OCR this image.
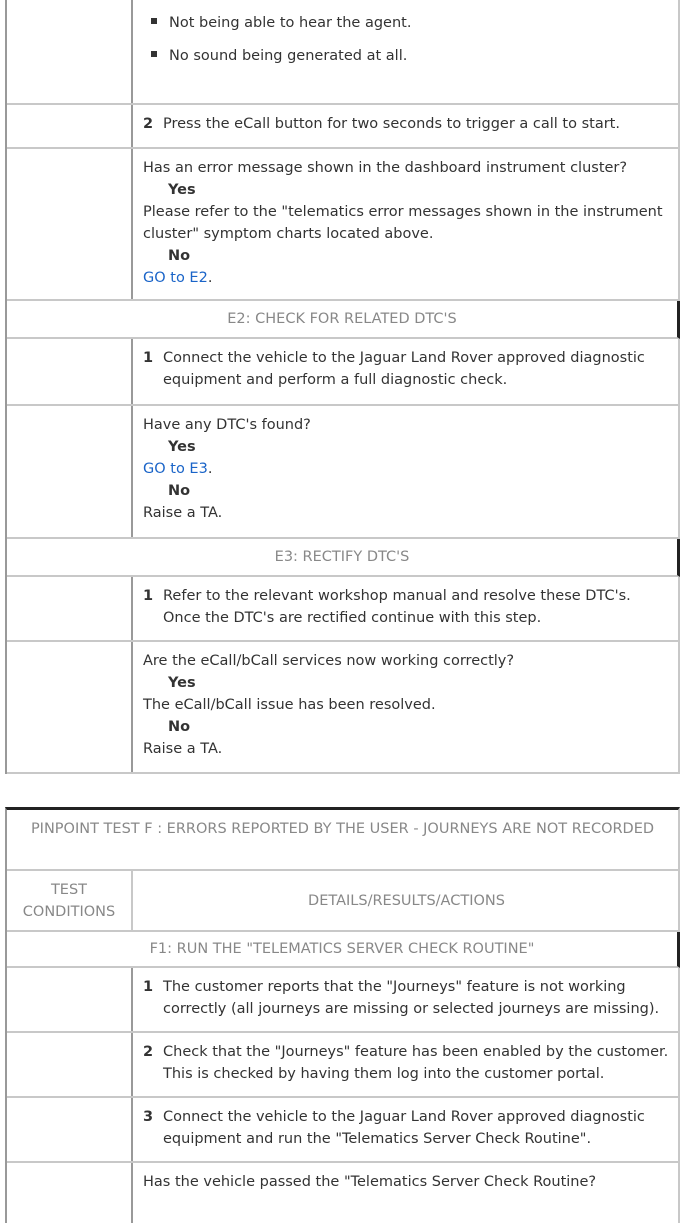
Not being able to hear the agent.
No sound being generated at all.
2 Press the eCall button for two seconds to trigger a call to start.
Has an error message shown in the dashboard instrument cluster?
Yes
Please refer to the "telematics error messages shown in the instrument cluster" symptom charts located above.
No
GO to E2.
E2: CHECK FOR RELATED DTC'S
1 Connect the vehicle to the Jaguar Land Rover approved diagnostic equipment and perform a full diagnostic check.
Have any DTC's found?
Yes
GO to E3.
No
Raise a TA.
E3: RECTIFY DTC'S
1 Refer to the relevant workshop manual and resolve these DTC's. Once the DTC's are rectified continue with this step.
Are the eCall/bCall services now working correctly?
Yes
The eCall/bCall issue has been resolved.
No
Raise a TA.
PINPOINT TEST F : ERRORS REPORTED BY THE USER - JOURNEYS ARE NOT RECORDED
TEST CONDITIONS
DETAILS/RESULTS/ACTIONS
F1: RUN THE "TELEMATICS SERVER CHECK ROUTINE"
1 The customer reports that the "Journeys" feature is not working correctly (all journeys are missing or selected journeys are missing).
2 Check that the "Journeys" feature has been enabled by the customer. This is checked by having them log into the customer portal.
3 Connect the vehicle to the Jaguar Land Rover approved diagnostic equipment and run the "Telematics Server Check Routine".
Has the vehicle passed the "Telematics Server Check Routine?
